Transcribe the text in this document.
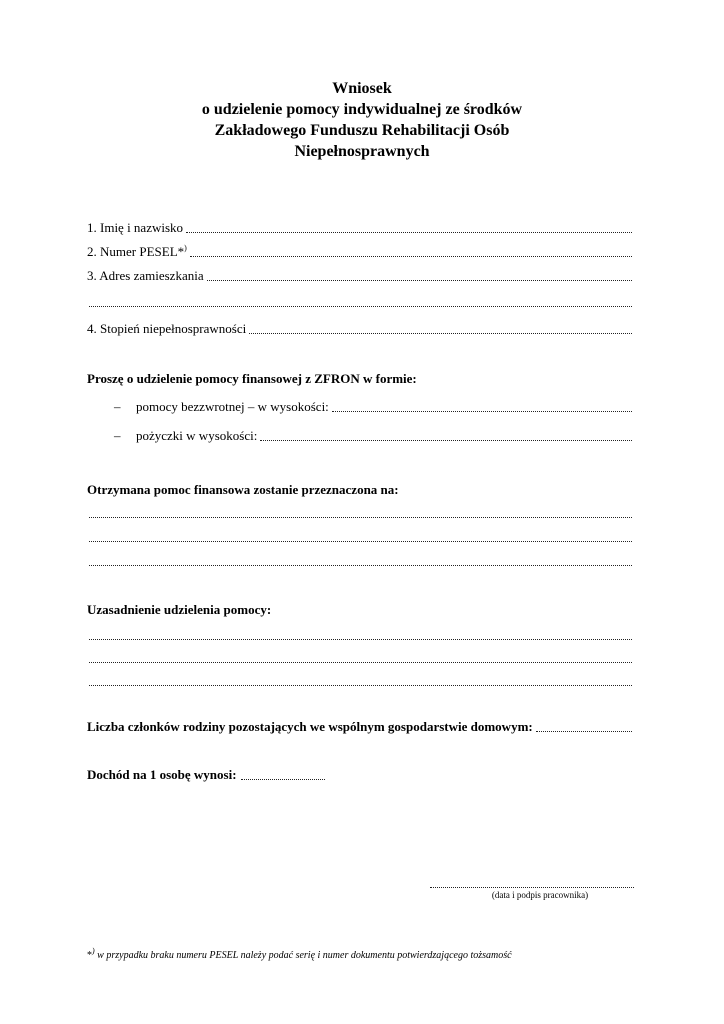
Wniosek
o udzielenie pomocy indywidualnej ze środków
Zakładowego Funduszu Rehabilitacji Osób
Niepełnosprawnych
1. Imię i nazwisko
2. Numer PESEL*)
3. Adres zamieszkania
4. Stopień niepełnosprawności
Proszę o udzielenie pomocy finansowej z ZFRON w formie:
– pomocy bezzwrotnej – w wysokości:
– pożyczki w wysokości:
Otrzymana pomoc finansowa zostanie przeznaczona na:
Uzasadnienie udzielenia pomocy:
Liczba członków rodziny pozostających we wspólnym gospodarstwie domowym:
Dochód na 1 osobę wynosi:
(data i podpis pracownika)
*) w przypadku braku numeru PESEL należy podać serię i numer dokumentu potwierdzającego tożsamość
